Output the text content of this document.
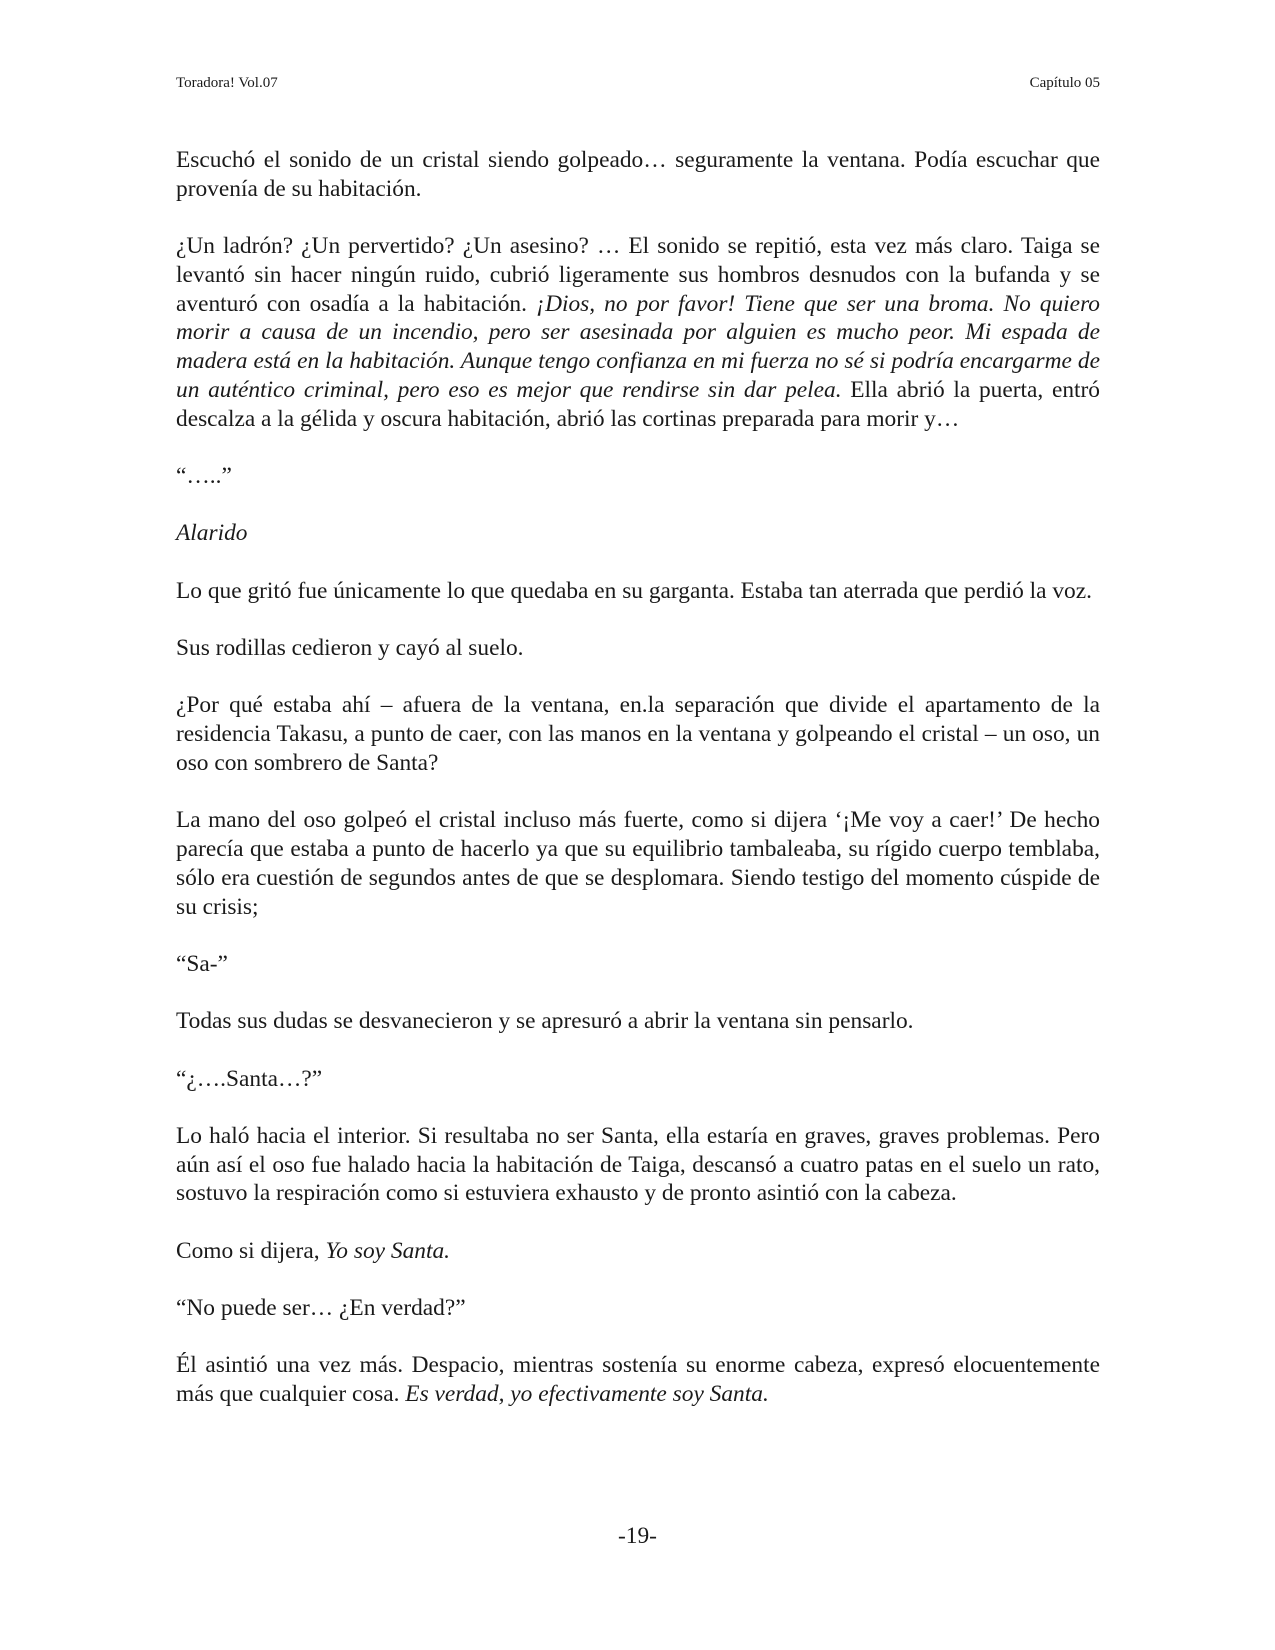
Toradora! Vol.07	Capítulo 05

Escuchó el sonido de un cristal siendo golpeado… seguramente la ventana. Podía escuchar que provenía de su habitación.

¿Un ladrón? ¿Un pervertido? ¿Un asesino? … El sonido se repitió, esta vez más claro. Taiga se levantó sin hacer ningún ruido, cubrió ligeramente sus hombros desnudos con la bufanda y se aventuró con osadía a la habitación. ¡Dios, no por favor! Tiene que ser una broma. No quiero morir a causa de un incendio, pero ser asesinada por alguien es mucho peor. Mi espada de madera está en la habitación. Aunque tengo confianza en mi fuerza no sé si podría encargarme de un auténtico criminal, pero eso es mejor que rendirse sin dar pelea. Ella abrió la puerta, entró descalza a la gélida y oscura habitación, abrió las cortinas preparada para morir y…

“…..”

Alarido

Lo que gritó fue únicamente lo que quedaba en su garganta. Estaba tan aterrada que perdió la voz.

Sus rodillas cedieron y cayó al suelo.

¿Por qué estaba ahí – afuera de la ventana, en.la separación que divide el apartamento de la residencia Takasu, a punto de caer, con las manos en la ventana y golpeando el cristal – un oso, un oso con sombrero de Santa?

La mano del oso golpeó el cristal incluso más fuerte, como si dijera ‘¡Me voy a caer!’ De hecho parecía que estaba a punto de hacerlo ya que su equilibrio tambaleaba, su rígido cuerpo temblaba, sólo era cuestión de segundos antes de que se desplomara. Siendo testigo del momento cúspide de su crisis;

“Sa-”

Todas sus dudas se desvanecieron y se apresuró a abrir la ventana sin pensarlo.

“¿….Santa…?”

Lo haló hacia el interior. Si resultaba no ser Santa, ella estaría en graves, graves problemas. Pero aún así el oso fue halado hacia la habitación de Taiga, descansó a cuatro patas en el suelo un rato, sostuvo la respiración como si estuviera exhausto y de pronto asintió con la cabeza.

Como si dijera, Yo soy Santa.

“No puede ser… ¿En verdad?”

Él asintió una vez más. Despacio, mientras sostenía su enorme cabeza, expresó elocuentemente más que cualquier cosa. Es verdad, yo efectivamente soy Santa.

-19-
